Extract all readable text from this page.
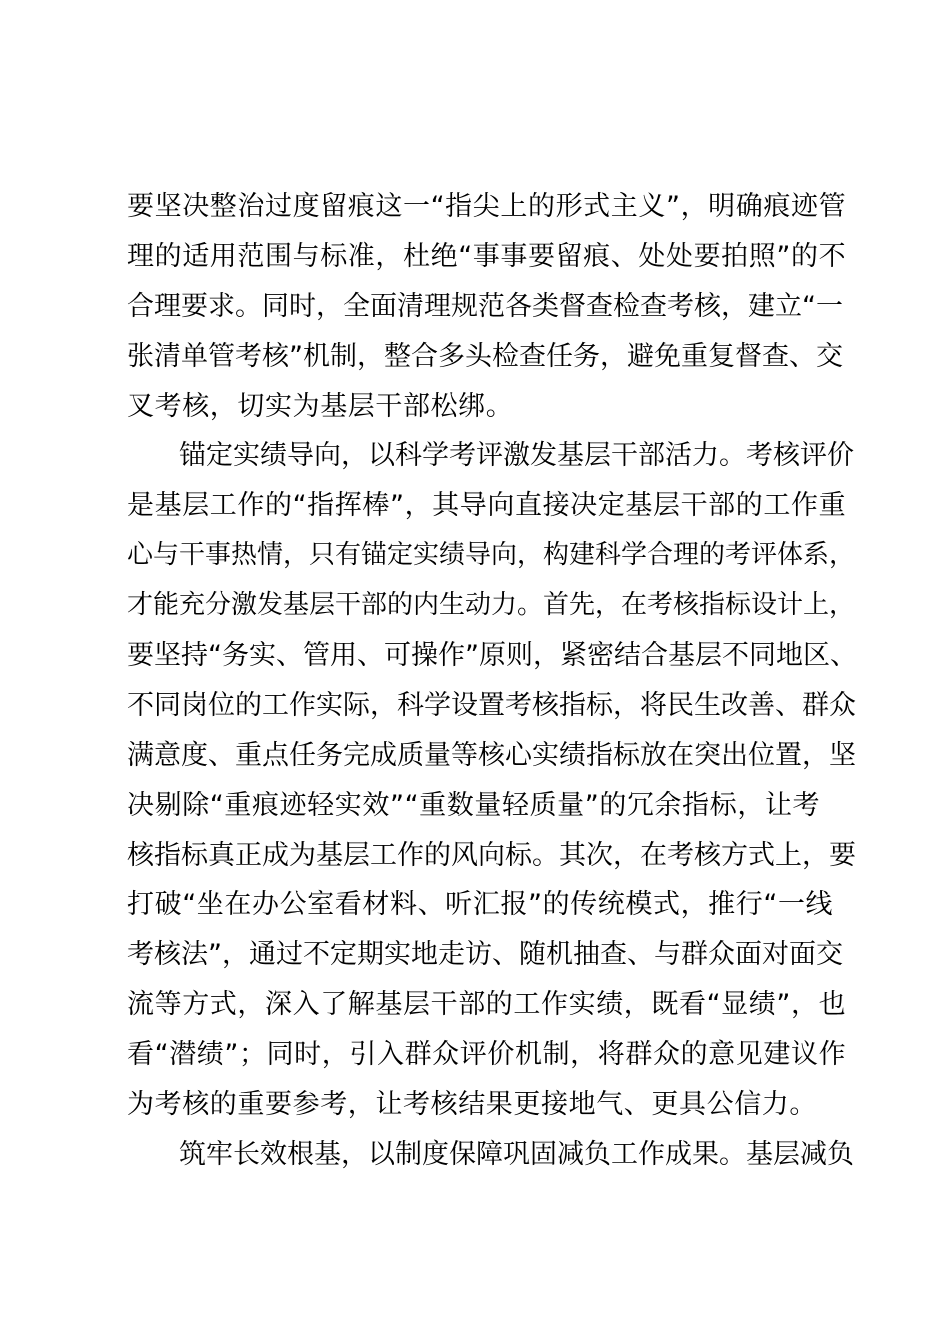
要坚决整治过度留痕这一“指尖上的形式主义”，明确痕迹管
理的适用范围与标准，杜绝“事事要留痕、处处要拍照”的不
合理要求。同时，全面清理规范各类督查检查考核，建立“一
张清单管考核”机制，整合多头检查任务，避免重复督查、交
叉考核，切实为基层干部松绑。
锚定实绩导向，以科学考评激发基层干部活力。考核评价
是基层工作的“指挥棒”，其导向直接决定基层干部的工作重
心与干事热情，只有锚定实绩导向，构建科学合理的考评体系，
才能充分激发基层干部的内生动力。首先，在考核指标设计上，
要坚持“务实、管用、可操作”原则，紧密结合基层不同地区、
不同岗位的工作实际，科学设置考核指标，将民生改善、群众
满意度、重点任务完成质量等核心实绩指标放在突出位置，坚
决剔除“重痕迹轻实效”“重数量轻质量”的冗余指标，让考
核指标真正成为基层工作的风向标。其次，在考核方式上，要
打破“坐在办公室看材料、听汇报”的传统模式，推行“一线
考核法”，通过不定期实地走访、随机抽查、与群众面对面交
流等方式，深入了解基层干部的工作实绩，既看“显绩”，也
看“潜绩”；同时，引入群众评价机制，将群众的意见建议作
为考核的重要参考，让考核结果更接地气、更具公信力。
筑牢长效根基，以制度保障巩固减负工作成果。基层减负
